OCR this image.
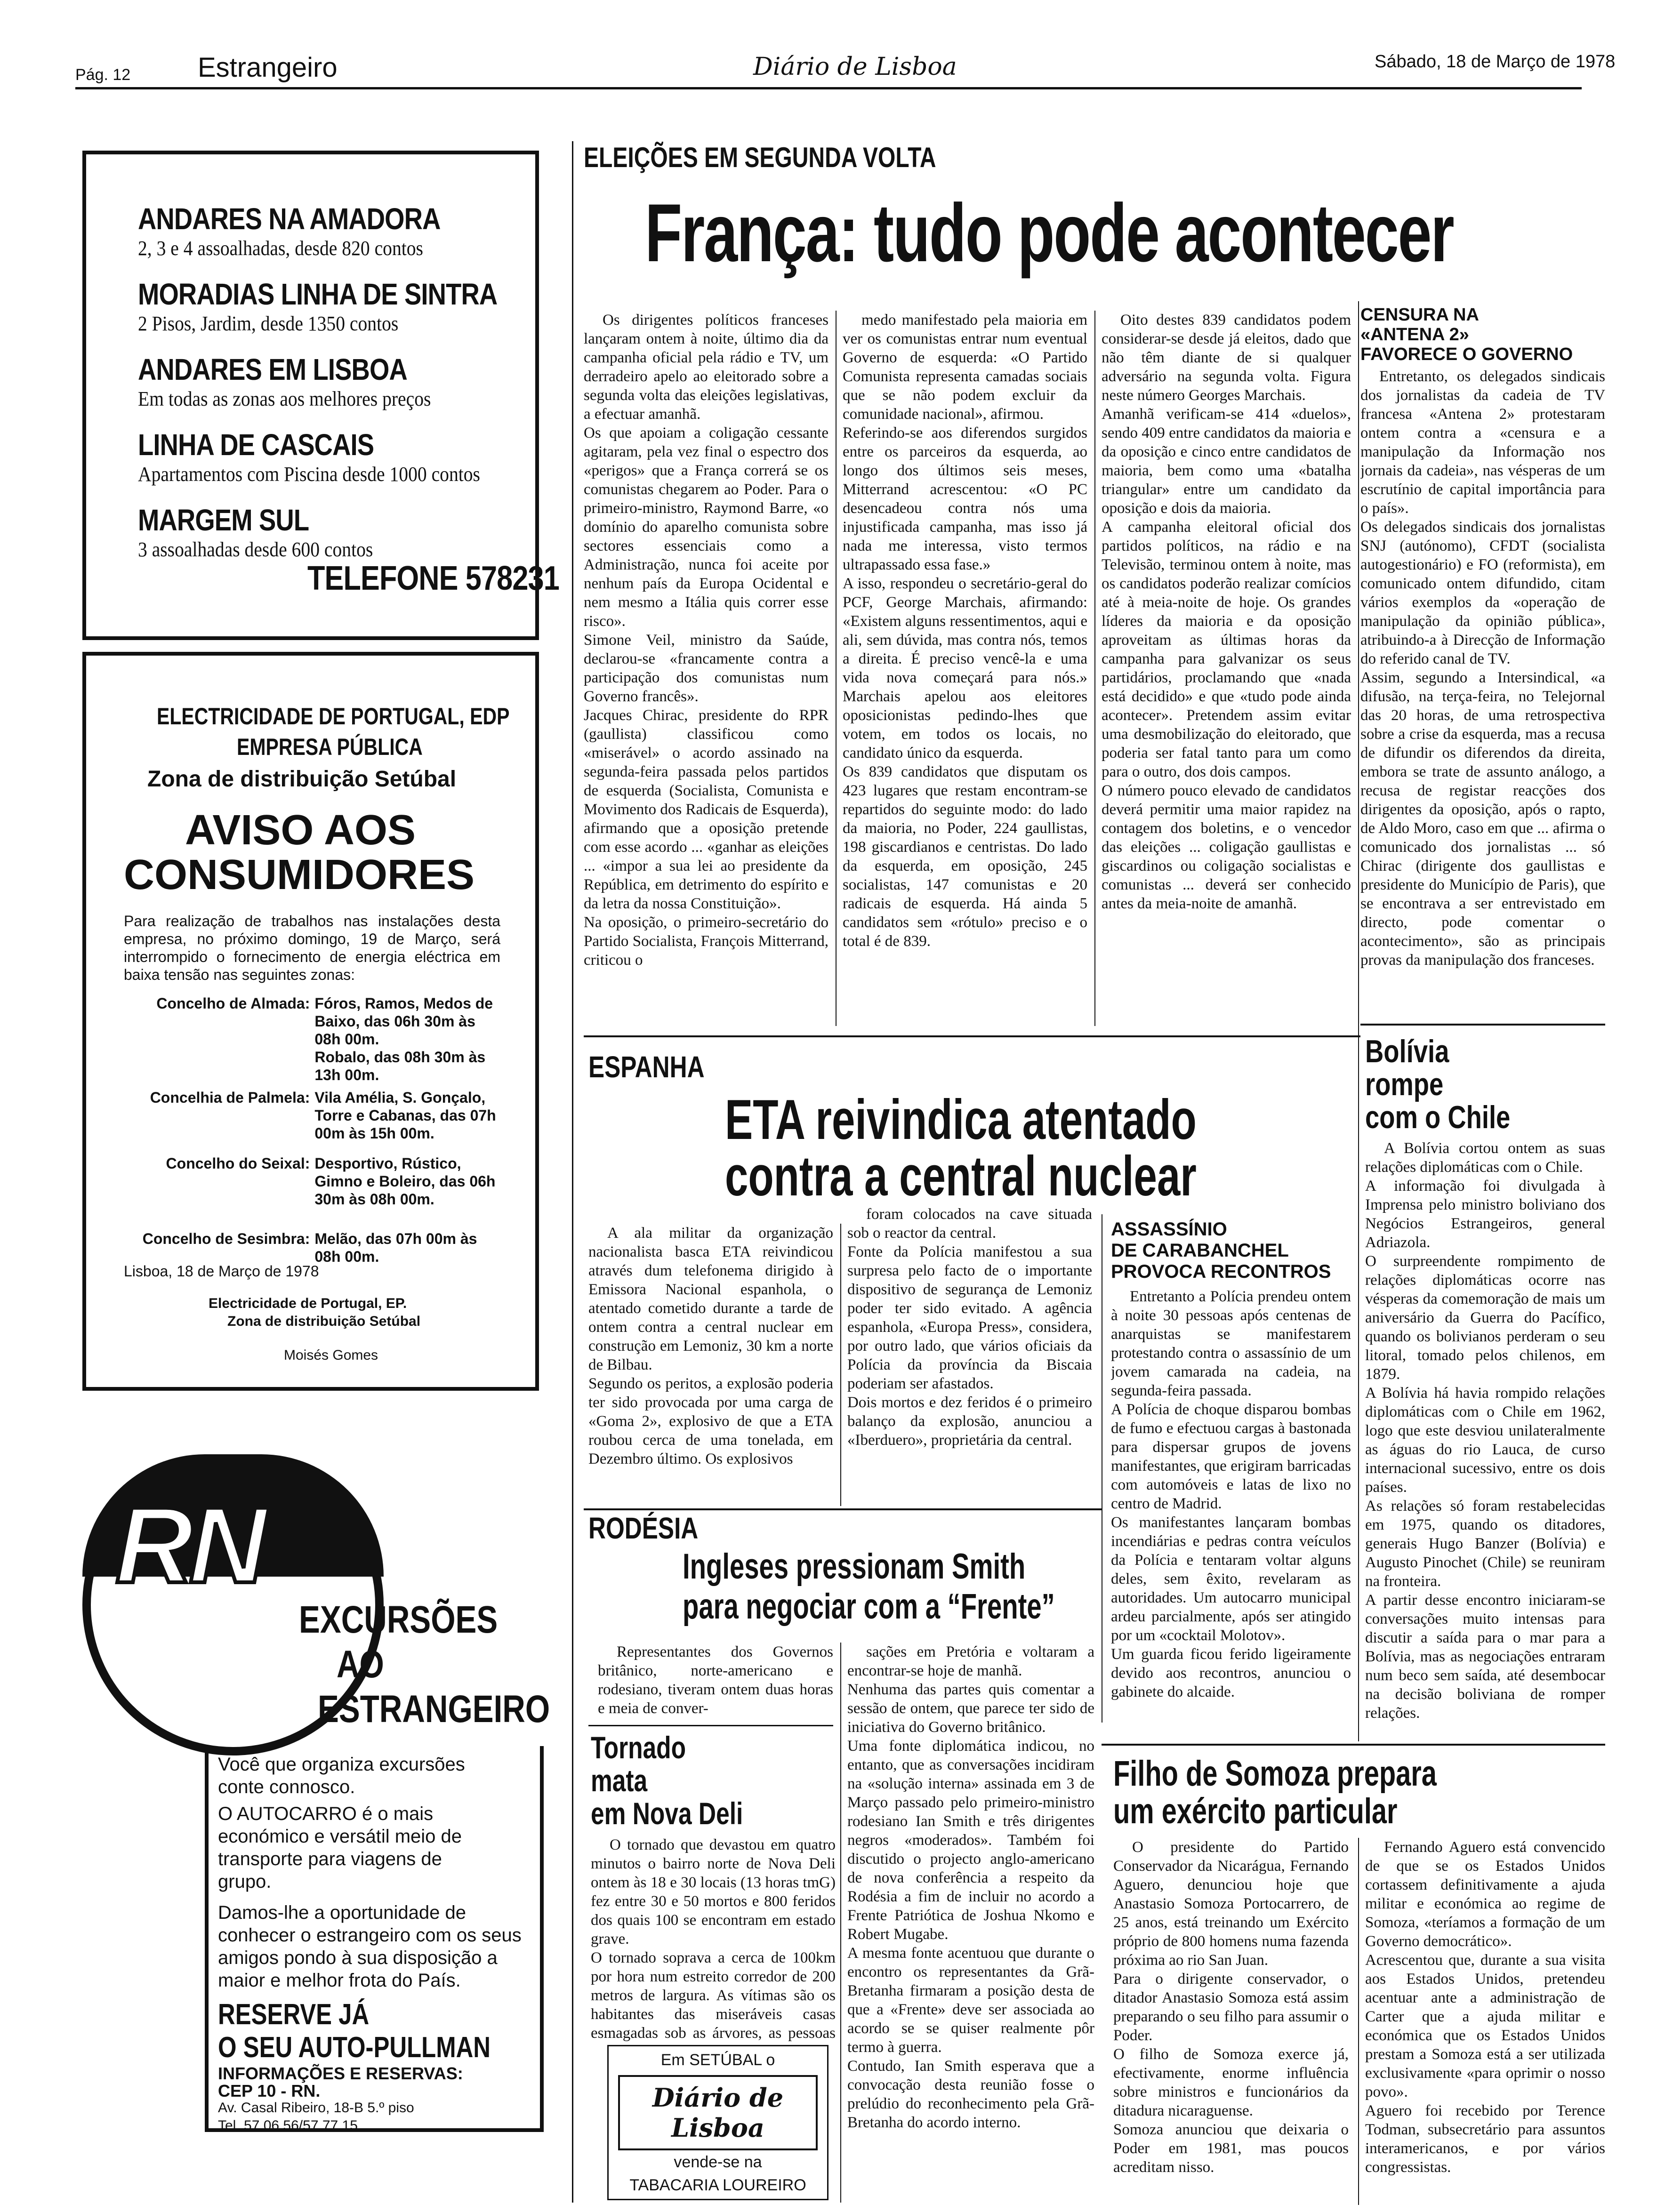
Pág. 12 Estrangeiro	Diário de Lisboa	Sábado, 18 de Março de 1978
ANDARES NA AMADORA
2, 3 e 4 assoalhadas, desde 820 contos
MORADIAS LINHA DE SINTRA
2 Pisos, Jardim, desde 1350 contos
ANDARES EM LISBOA
Em todas as zonas aos melhores preços
LINHA DE CASCAIS
Apartamentos com Piscina desde 1000 contos
MARGEM SUL
3 assoalhadas desde 600 contos
TELEFONE 578231
ELECTRICIDADE DE PORTUGAL, EDP
EMPRESA PÚBLICA
Zona de distribuição Setúbal
AVISO AOS
CONSUMIDORES
Para realização de trabalhos nas instalações desta empresa, no próximo domingo, 19 de Março, será interrompido o fornecimento de energia eléctrica em baixa tensão nas seguintes zonas:
Concelho de Almada: Fóros, Ramos, Medos de Baixo, das 06h 30m às 08h 00m.
Robalo, das 08h 30m às 13h 00m.
Concelhia de Palmela: Vila Amélia, S. Gonçalo, Torre e Cabanas, das 07h 00m às 15h 00m.
Concelho do Seixal: Desportivo, Rústico, Gimno e Boleiro, das 06h 30m às 08h 00m.
Concelho de Sesimbra: Melão, das 07h 00m às 08h 00m.
Lisboa, 18 de Março de 1978
Electricidade de Portugal, EP.
Zona de distribuição Setúbal
Moisés Gomes
RN
EXCURSÕES
AO
ESTRANGEIRO
Você que organiza excursões conte connosco.
O AUTOCARRO é o mais económico e versátil meio de transporte para viagens de grupo.
Damos-lhe a oportunidade de conhecer o estrangeiro com os seus amigos pondo à sua disposição a maior e melhor frota do País.
RESERVE JÁ
O SEU AUTO-PULLMAN
INFORMAÇÕES E RESERVAS:
CEP 10 - RN.
Av. Casal Ribeiro, 18-B 5.º piso
Tel. 57 06 56/57 77 15
ELEIÇÕES EM SEGUNDA VOLTA
França: tudo pode acontecer

Os dirigentes políticos franceses lançaram ontem à noite, último dia da campanha oficial pela rádio e TV, um derradeiro apelo ao eleitorado sobre a segunda volta das eleições legislativas, a efectuar amanhã.
Os que apoiam a coligação cessante agitaram, pela vez final o espectro dos «perigos» que a França correrá se os comunistas chegarem ao Poder. Para o primeiro-ministro, Raymond Barre, «o domínio do aparelho comunista sobre sectores essenciais como a Administração, nunca foi aceite por nenhum país da Europa Ocidental e nem mesmo a Itália quis correr esse risco».
Simone Veil, ministro da Saúde, declarou-se «francamente contra a participação dos comunistas num Governo francês».
Jacques Chirac, presidente do RPR (gaullista) classificou como «miserável» o acordo assinado na segunda-feira passada pelos partidos de esquerda (Socialista, Comunista e Movimento dos Radicais de Esquerda), afirmando que a oposição pretende com esse acordo ... «ganhar as eleições ... «impor a sua lei ao presidente da República, em detrimento do espírito e da letra da nossa Constituição».
Na oposição, o primeiro-secretário do Partido Socialista, François Mitterrand, criticou o

medo manifestado pela maioria em ver os comunistas entrar num eventual Governo de esquerda: «O Partido Comunista representa camadas sociais que se não podem excluir da comunidade nacional», afirmou.
Referindo-se aos diferendos surgidos entre os parceiros da esquerda, ao longo dos últimos seis meses, Mitterrand acrescentou: «O PC desencadeou contra nós uma injustificada campanha, mas isso já nada me interessa, visto termos ultrapassado essa fase.»
A isso, respondeu o secretário-geral do PCF, George Marchais, afirmando: «Existem alguns ressentimentos, aqui e ali, sem dúvida, mas contra nós, temos a direita. É preciso vencê-la e uma vida nova começará para nós.» Marchais apelou aos eleitores oposicionistas pedindo-lhes que votem, em todos os locais, no candidato único da esquerda.
Os 839 candidatos que disputam os 423 lugares que restam encontram-se repartidos do seguinte modo: do lado da maioria, no Poder, 224 gaullistas, 198 giscardianos e centristas. Do lado da esquerda, em oposição, 245 socialistas, 147 comunistas e 20 radicais de esquerda. Há ainda 5 candidatos sem «rótulo» preciso e o total é de 839.

Oito destes 839 candidatos podem considerar-se desde já eleitos, dado que não têm diante de si qualquer adversário na segunda volta. Figura neste número Georges Marchais.
Amanhã verificam-se 414 «duelos», sendo 409 entre candidatos da maioria e da oposição e cinco entre candidatos de maioria, bem como uma «batalha triangular» entre um candidato da oposição e dois da maioria.
A campanha eleitoral oficial dos partidos políticos, na rádio e na Televisão, terminou ontem à noite, mas os candidatos poderão realizar comícios até à meia-noite de hoje. Os grandes líderes da maioria e da oposição aproveitam as últimas horas da campanha para galvanizar os seus partidários, proclamando que «nada está decidido» e que «tudo pode ainda acontecer». Pretendem assim evitar uma desmobilização do eleitorado, que poderia ser fatal tanto para um como para o outro, dos dois campos.
O número pouco elevado de candidatos deverá permitir uma maior rapidez na contagem dos boletins, e o vencedor das eleições ... coligação gaullistas e giscardinos ou coligação socialistas e comunistas ... deverá ser conhecido antes da meia-noite de amanhã.

CENSURA NA
«ANTENA 2»
FAVORECE O GOVERNO

Entretanto, os delegados sindicais dos jornalistas da cadeia de TV francesa «Antena 2» protestaram ontem contra a «censura e a manipulação da Informação nos jornais da cadeia», nas vésperas de um escrutínio de capital importância para o país».
Os delegados sindicais dos jornalistas SNJ (autónomo), CFDT (socialista autogestionário) e FO (reformista), em comunicado ontem difundido, citam vários exemplos da «operação de manipulação da opinião pública», atribuindo-a à Direcção de Informação do referido canal de TV.
Assim, segundo a Intersindical, «a difusão, na terça-feira, no Telejornal das 20 horas, de uma retrospectiva sobre a crise da esquerda, mas a recusa de difundir os diferendos da direita, embora se trate de assunto análogo, a recusa de registar reacções dos dirigentes da oposição, após o rapto, de Aldo Moro, caso em que ... afirma o comunicado dos jornalistas ... só Chirac (dirigente dos gaullistas e presidente do Município de Paris), que se encontrava a ser entrevistado em directo, pode comentar o acontecimento», são as principais provas da manipulação dos franceses.

Bolívia
rompe
com o Chile

A Bolívia cortou ontem as suas relações diplomáticas com o Chile.
A informação foi divulgada à Imprensa pelo ministro boliviano dos Negócios Estrangeiros, general Adriazola.
O surpreendente rompimento de relações diplomáticas ocorre nas vésperas da comemoração de mais um aniversário da Guerra do Pacífico, quando os bolivianos perderam o seu litoral, tomado pelos chilenos, em 1879.
A Bolívia há havia rompido relações diplomáticas com o Chile em 1962, logo que este desviou unilateralmente as águas do rio Lauca, de curso internacional sucessivo, entre os dois países.
As relações só foram restabelecidas em 1975, quando os ditadores, generais Hugo Banzer (Bolívia) e Augusto Pinochet (Chile) se reuniram na fronteira.
A partir desse encontro iniciaram-se conversações muito intensas para discutir a saída para o mar para a Bolívia, mas as negociações entraram num beco sem saída, até desembocar na decisão boliviana de romper relações.

ESPANHA
ETA reivindica atentado
contra a central nuclear

A ala militar da organização nacionalista basca ETA reivindicou através dum telefonema dirigido à Emissora Nacional espanhola, o atentado cometido durante a tarde de ontem contra a central nuclear em construção em Lemoniz, 30 km a norte de Bilbau.
Segundo os peritos, a explosão poderia ter sido provocada por uma carga de «Goma 2», explosivo de que a ETA roubou cerca de uma tonelada, em Dezembro último. Os explosivos

foram colocados na cave situada sob o reactor da central.
Fonte da Polícia manifestou a sua surpresa pelo facto de o importante dispositivo de segurança de Lemoniz poder ter sido evitado. A agência espanhola, «Europa Press», considera, por outro lado, que vários oficiais da Polícia da província da Biscaia poderiam ser afastados.
Dois mortos e dez feridos é o primeiro balanço da explosão, anunciou a «Iberduero», proprietária da central.

ASSASSÍNIO
DE CARABANCHEL
PROVOCA RECONTROS

Entretanto a Polícia prendeu ontem à noite 30 pessoas após centenas de anarquistas se manifestarem protestando contra o assassínio de um jovem camarada na cadeia, na segunda-feira passada.
A Polícia de choque disparou bombas de fumo e efectuou cargas à bastonada para dispersar grupos de jovens manifestantes, que erigiram barricadas com automóveis e latas de lixo no centro de Madrid.
Os manifestantes lançaram bombas incendiárias e pedras contra veículos da Polícia e tentaram voltar alguns deles, sem êxito, revelaram as autoridades. Um autocarro municipal ardeu parcialmente, após ser atingido por um «cocktail Molotov».
Um guarda ficou ferido ligeiramente devido aos recontros, anunciou o gabinete do alcaide.

RODÉSIA
Ingleses pressionam Smith
para negociar com a “Frente”

Representantes dos Governos britânico, norte-americano e rodesiano, tiveram ontem duas horas e meia de conver-

sações em Pretória e voltaram a encontrar-se hoje de manhã.
Nenhuma das partes quis comentar a sessão de ontem, que parece ter sido de iniciativa do Governo britânico.
Uma fonte diplomática indicou, no entanto, que as conversações incidiram na «solução interna» assinada em 3 de Março passado pelo primeiro-ministro rodesiano Ian Smith e três dirigentes negros «moderados». Também foi discutido o projecto anglo-americano de nova conferência a respeito da Rodésia a fim de incluir no acordo a Frente Patriótica de Joshua Nkomo e Robert Mugabe.
A mesma fonte acentuou que durante o encontro os representantes da Grã-Bretanha firmaram a posição desta de que a «Frente» deve ser associada ao acordo se se quiser realmente pôr termo à guerra.
Contudo, Ian Smith esperava que a convocação desta reunião fosse o prelúdio do reconhecimento pela Grã-Bretanha do acordo interno.

Tornado
mata
em Nova Deli

O tornado que devastou em quatro minutos o bairro norte de Nova Deli ontem às 18 e 30 locais (13 horas tmG) fez entre 30 e 50 mortos e 800 feridos dos quais 100 se encontram em estado grave.
O tornado soprava a cerca de 100km por hora num estreito corredor de 200 metros de largura. As vítimas são os habitantes das miseráveis casas esmagadas sob as árvores, as pessoas

Em SETÚBAL o
Diário de Lisboa
vende-se na
TABACARIA LOUREIRO
Filho de Somoza prepara
um exército particular

O presidente do Partido Conservador da Nicarágua, Fernando Aguero, denunciou hoje que Anastasio Somoza Portocarrero, de 25 anos, está treinando um Exército próprio de 800 homens numa fazenda próxima ao rio San Juan.
Para o dirigente conservador, o ditador Anastasio Somoza está assim preparando o seu filho para assumir o Poder.
O filho de Somoza exerce já, efectivamente, enorme influência sobre ministros e funcionários da ditadura nicaraguense.
Somoza anunciou que deixaria o Poder em 1981, mas poucos acreditam nisso.

Fernando Aguero está convencido de que se os Estados Unidos cortassem definitivamente a ajuda militar e económica ao regime de Somoza, «teríamos a formação de um Governo democrático».
Acrescentou que, durante a sua visita aos Estados Unidos, pretendeu acentuar ante a administração de Carter que a ajuda militar e económica que os Estados Unidos prestam a Somoza está a ser utilizada exclusivamente «para oprimir o nosso povo».
Aguero foi recebido por Terence Todman, subsecretário para assuntos interamericanos, e por vários congressistas.
